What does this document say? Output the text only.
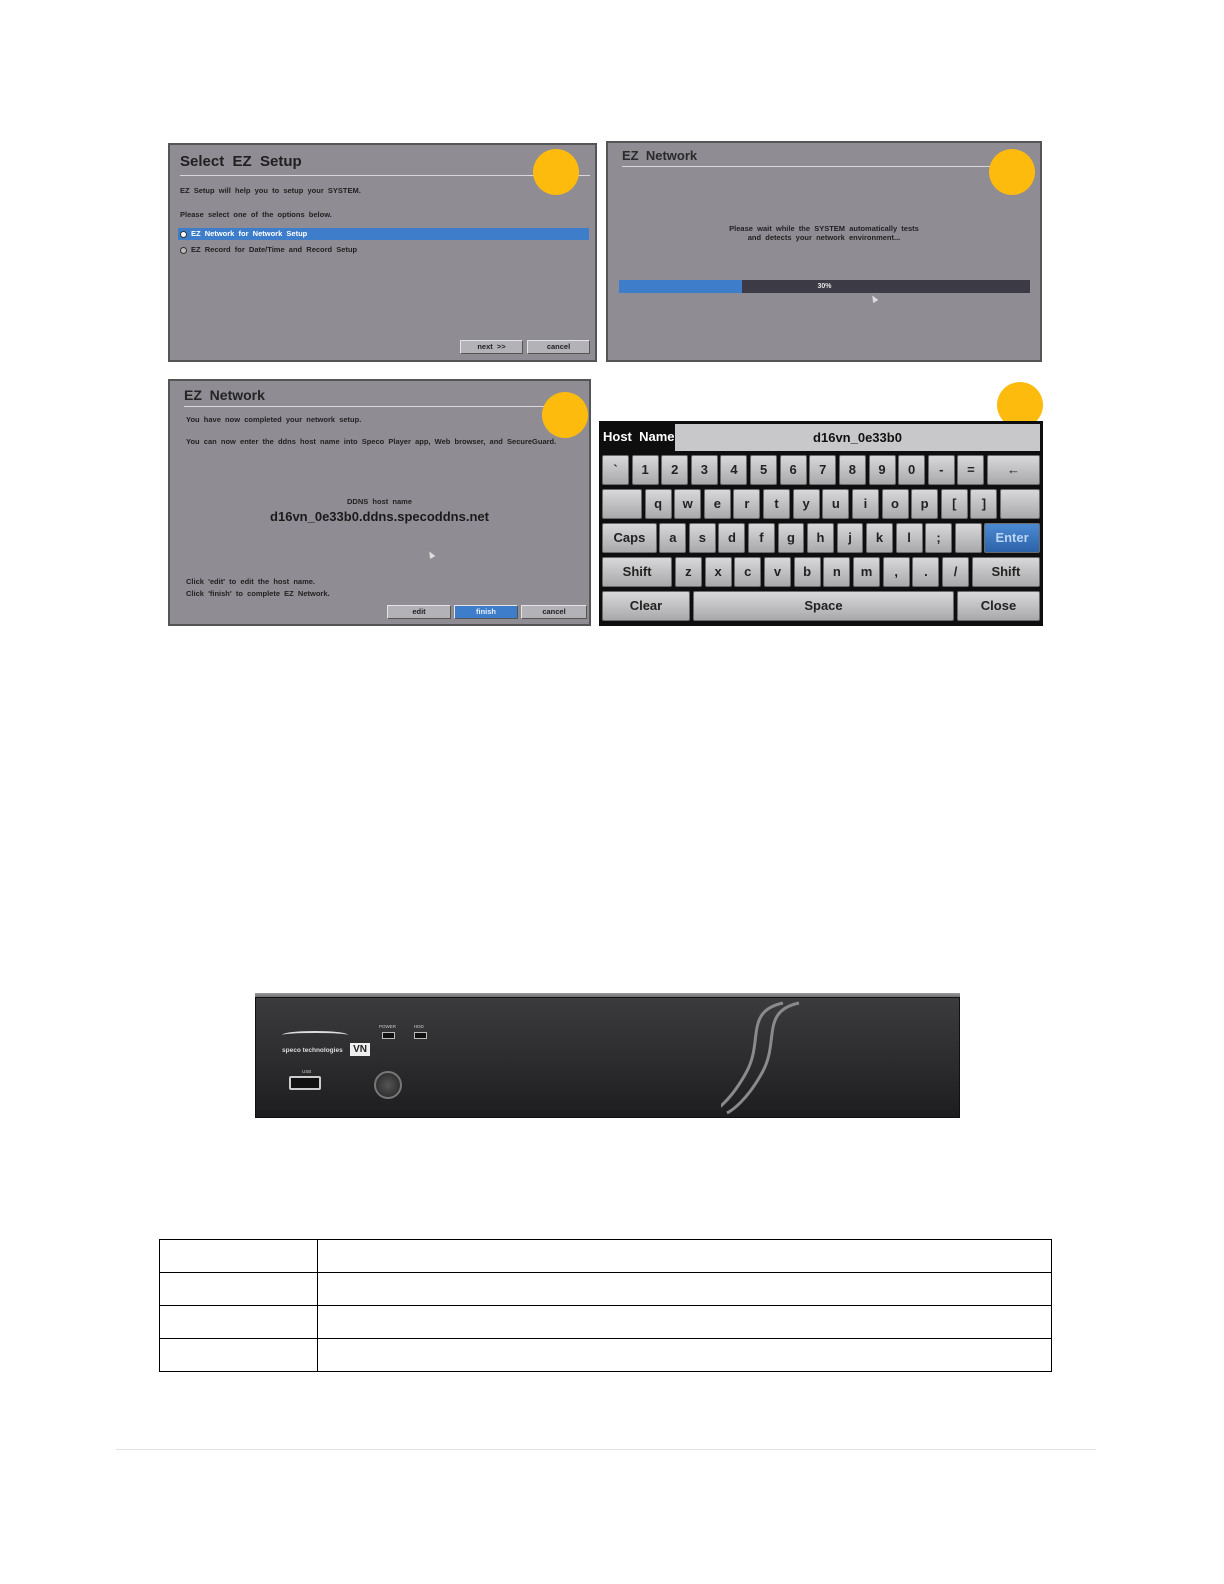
Select  EZ  Setup
EZ  Setup  will  help  you  to  setup  your  SYSTEM.
Please  select  one  of  the  options  below.
EZ  Network  for  Network  Setup
EZ  Record  for  Date/Time  and  Record  Setup
next  >>	cancel
EZ  Network
Please  wait  while  the  SYSTEM  automatically  tests
and  detects  your  network  environment...
30%
EZ  Network
You  have  now  completed  your  network  setup.
You  can  now  enter  the  ddns  host  name  into  Speco  Player  app,  Web  browser,  and  SecureGuard.
DDNS  host  name
d16vn_0e33b0.ddns.specoddns.net
Click  'edit'  to  edit  the  host  name.
Click  'finish'  to  complete  EZ  Network.
edit	finish	cancel
Host  Name	d16vn_0e33b0
`	1	2	3	4	5	6	7	8	9	0	-	=	←
q	w	e	r	t	y	u	i	o	p	[	]
Caps	a	s	d	f	g	h	j	k	l	;	Enter
Shift	z	x	c	v	b	n	m	,	.	/	Shift
Clear	Space	Close
speco technologies VN
POWER	HDD
USB
